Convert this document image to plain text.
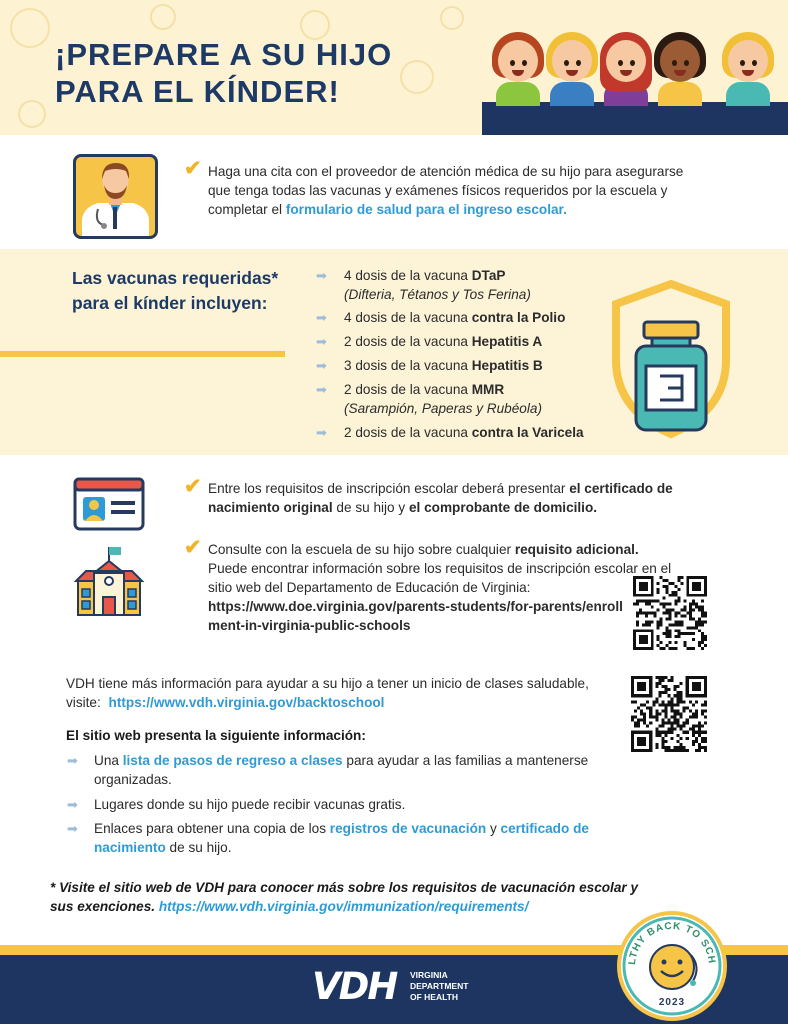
¡PREPARE A SU HIJO
PARA EL KÍNDER!
✔ Haga una cita con el proveedor de atención médica de su hijo para asegurarse que tenga todas las vacunas y exámenes físicos requeridos por la escuela y completar el formulario de salud para el ingreso escolar.
Las vacunas requeridas* para el kínder incluyen:
➡ 4 dosis de la vacuna DTaP
(Difteria, Tétanos y Tos Ferina)
➡ 4 dosis de la vacuna contra la Polio
➡ 2 dosis de la vacuna Hepatitis A
➡ 3 dosis de la vacuna Hepatitis B
➡ 2 dosis de la vacuna MMR
(Sarampión, Paperas y Rubéola)
➡ 2 dosis de la vacuna contra la Varicela
✔ Entre los requisitos de inscripción escolar deberá presentar el certificado de nacimiento original de su hijo y el comprobante de domicilio.
✔ Consulte con la escuela de su hijo sobre cualquier requisito adicional. Puede encontrar información sobre los requisitos de inscripción escolar en el sitio web del Departamento de Educación de Virginia:
https://www.doe.virginia.gov/parents-students/for-parents/enrollment-in-virginia-public-schools
VDH tiene más información para ayudar a su hijo a tener un inicio de clases saludable, visite: https://www.vdh.virginia.gov/backtoschool
El sitio web presenta la siguiente información:
➡ Una lista de pasos de regreso a clases para ayudar a las familias a mantenerse organizadas.
➡ Lugares donde su hijo puede recibir vacunas gratis.
➡ Enlaces para obtener una copia de los registros de vacunación y certificado de nacimiento de su hijo.
* Visite el sitio web de VDH para conocer más sobre los requisitos de vacunación escolar y sus exenciones. https://www.vdh.virginia.gov/immunization/requirements/
VDH VIRGINIA
DEPARTMENT
OF HEALTH
LTHY BACK TO SCH
2023
